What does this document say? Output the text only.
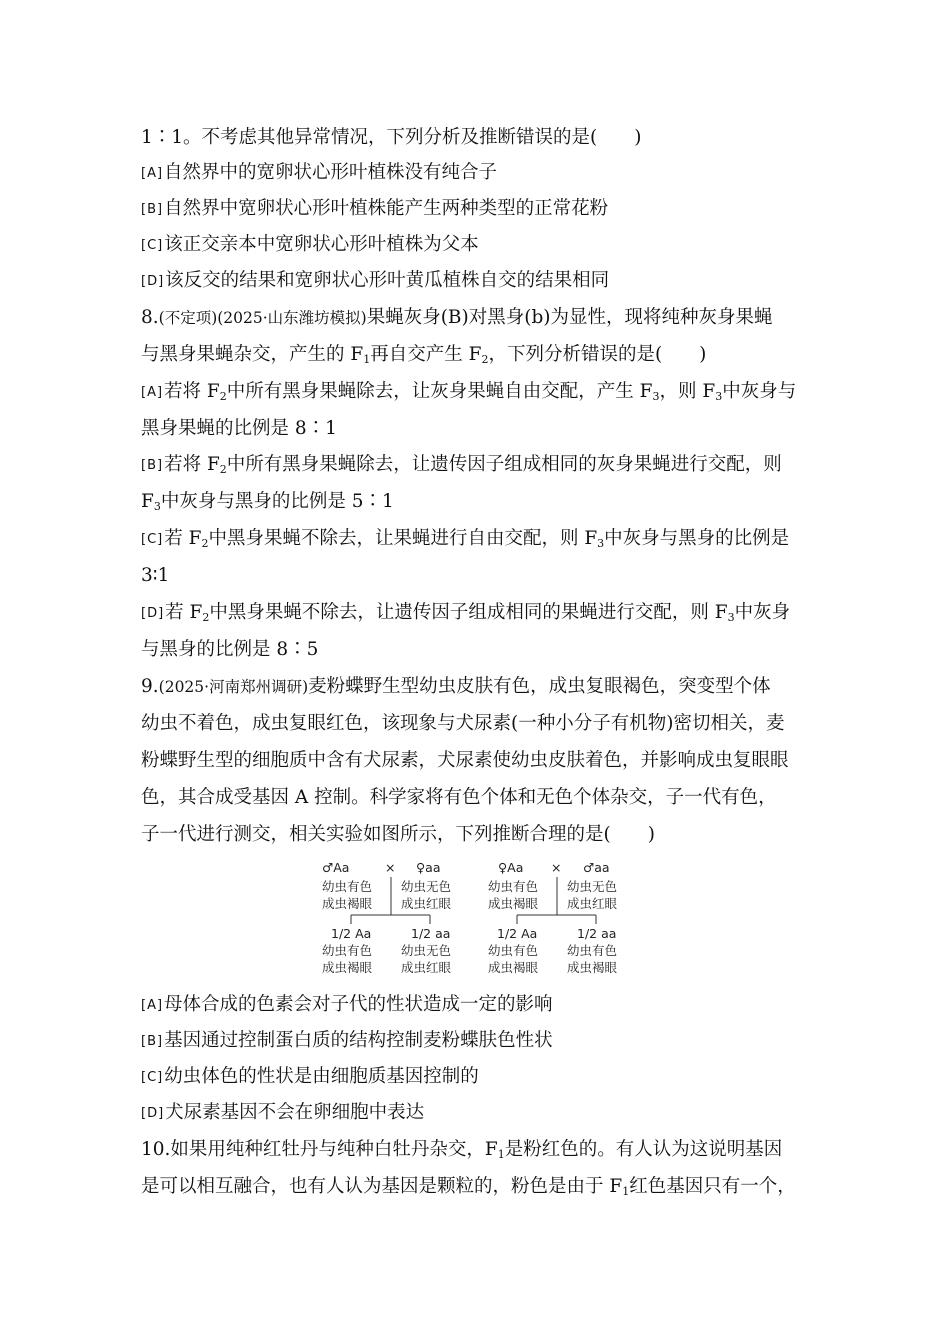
1∶1。不考虑其他异常情况，下列分析及推断错误的是(　　)
[A]自然界中的宽卵状心形叶植株没有纯合子
[B]自然界中宽卵状心形叶植株能产生两种类型的正常花粉
[C]该正交亲本中宽卵状心形叶植株为父本
[D]该反交的结果和宽卵状心形叶黄瓜植株自交的结果相同
8.(不定项)(2025·山东潍坊模拟)果蝇灰身(B)对黑身(b)为显性，现将纯种灰身果蝇
与黑身果蝇杂交，产生的 $F_1$再自交产生 $F_2$，下列分析错误的是(　　)
[A]若将 $F_2$中所有黑身果蝇除去，让灰身果蝇自由交配，产生 $F_3$，则 $F_3$中灰身与
黑身果蝇的比例是 8∶1
[B]若将 $F_2$中所有黑身果蝇除去，让遗传因子组成相同的灰身果蝇进行交配，则
$F_3$中灰身与黑身的比例是 5∶1
[C]若 $F_2$中黑身果蝇不除去，让果蝇进行自由交配，则 $F_3$中灰身与黑身的比例是
3∶1
[D]若 $F_2$中黑身果蝇不除去，让遗传因子组成相同的果蝇进行交配，则 $F_3$中灰身
与黑身的比例是 8∶5
9.(2025·河南郑州调研)麦粉蝶野生型幼虫皮肤有色，成虫复眼褐色，突变型个体
幼虫不着色，成虫复眼红色，该现象与犬尿素(一种小分子有机物)密切相关，麦
粉蝶野生型的细胞质中含有犬尿素，犬尿素使幼虫皮肤着色，并影响成虫复眼眼
色，其合成受基因 A 控制。科学家将有色个体和无色个体杂交，子一代有色，
子一代进行测交，相关实验如图所示，下列推断合理的是(　　)
♂Aa	× ♀aa
幼虫有色
成虫褐眼
幼虫无色
成虫红眼
1/2 Aa	1/2 aa
幼虫有色
成虫褐眼
幼虫无色
成虫红眼
♀Aa × ♂aa
幼虫有色
成虫褐眼
幼虫无色
成虫红眼
1/2 Aa	1/2 aa
幼虫有色
成虫褐眼
幼虫有色
成虫褐眼
[A]母体合成的色素会对子代的性状造成一定的影响
[B]基因通过控制蛋白质的结构控制麦粉蝶肤色性状
[C]幼虫体色的性状是由细胞质基因控制的
[D]犬尿素基因不会在卵细胞中表达
10.如果用纯种红牡丹与纯种白牡丹杂交，$F_1$是粉红色的。有人认为这说明基因
是可以相互融合，也有人认为基因是颗粒的，粉色是由于 $F_1$红色基因只有一个，
